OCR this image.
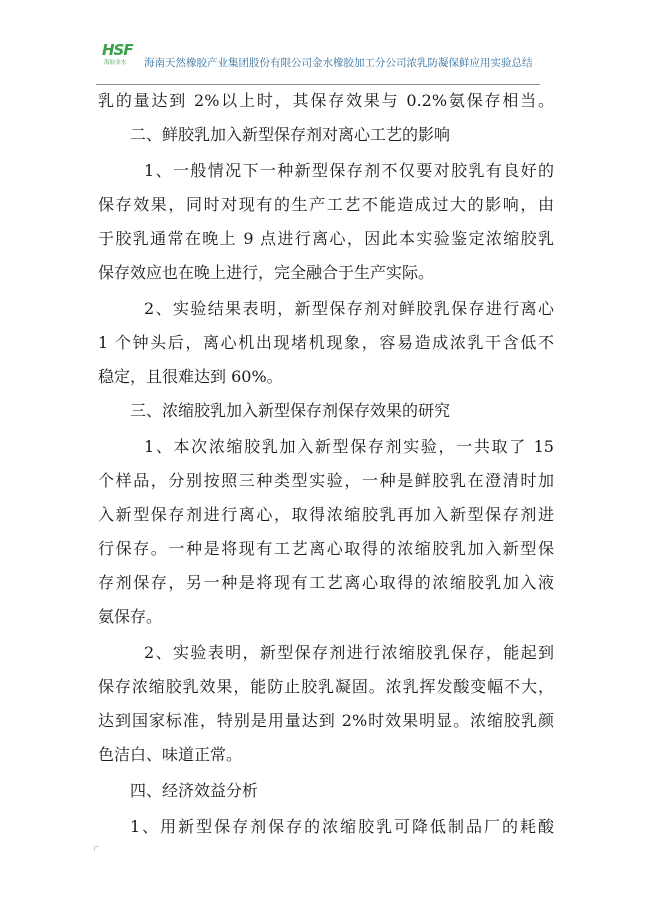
HSF
海胶金水	海南天然橡胶产业集团股份有限公司金水橡胶加工分公司浓乳防凝保鲜应用实验总结
乳的量达到 2%以上时，其保存效果与 0.2%氨保存相当。
二、鲜胶乳加入新型保存剂对离心工艺的影响
1、一般情况下一种新型保存剂不仅要对胶乳有良好的
保存效果，同时对现有的生产工艺不能造成过大的影响，由
于胶乳通常在晚上 9 点进行离心，因此本实验鉴定浓缩胶乳
保存效应也在晚上进行，完全融合于生产实际。
2、实验结果表明，新型保存剂对鲜胶乳保存进行离心
1 个钟头后，离心机出现堵机现象，容易造成浓乳干含低不
稳定，且很难达到 60%。
三、浓缩胶乳加入新型保存剂保存效果的研究
1、本次浓缩胶乳加入新型保存剂实验，一共取了 15
个样品，分别按照三种类型实验，一种是鲜胶乳在澄清时加
入新型保存剂进行离心，取得浓缩胶乳再加入新型保存剂进
行保存。一种是将现有工艺离心取得的浓缩胶乳加入新型保
存剂保存，另一种是将现有工艺离心取得的浓缩胶乳加入液
氨保存。
2、实验表明，新型保存剂进行浓缩胶乳保存，能起到
保存浓缩胶乳效果，能防止胶乳凝固。浓乳挥发酸变幅不大，
达到国家标准，特别是用量达到 2%时效果明显。浓缩胶乳颜
色洁白、味道正常。
四、经济效益分析
1、用新型保存剂保存的浓缩胶乳可降低制品厂的耗酸
